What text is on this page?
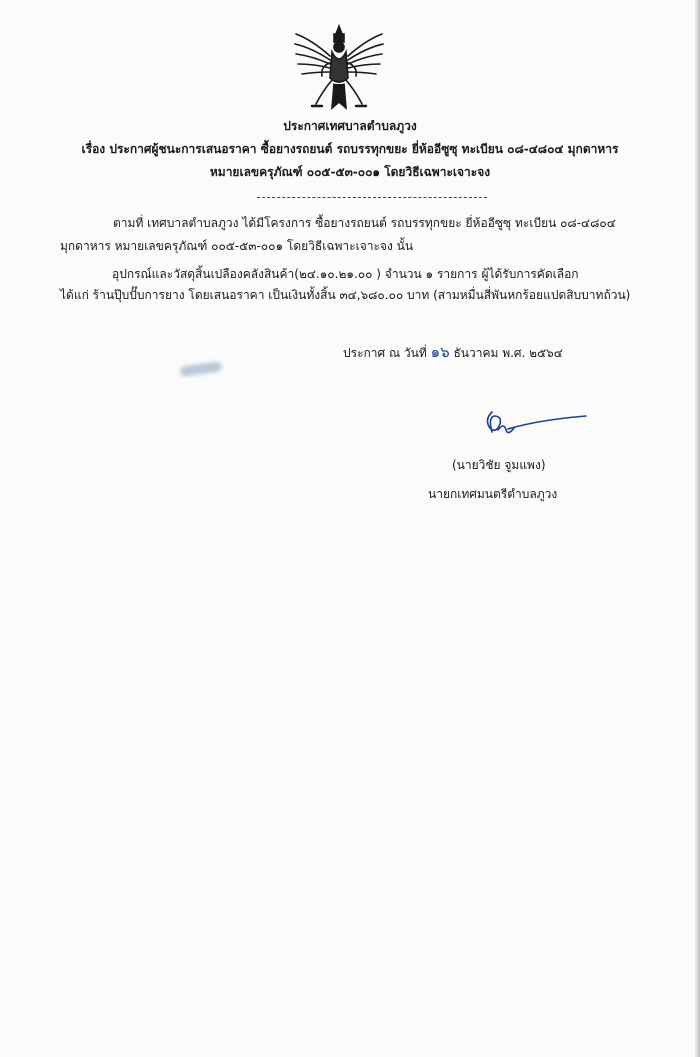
ประกาศเทศบาลตำบลภูวง
เรื่อง ประกาศผู้ชนะการเสนอราคา ซื้อยางรถยนต์ รถบรรทุกขยะ ยี่ห้ออีซูซุ ทะเบียน ๐๘-๔๘๐๔ มุกดาหาร
หมายเลขครุภัณฑ์ ๐๐๕-๕๓-๐๐๑ โดยวิธีเฉพาะเจาะจง
ตามที่ เทศบาลตำบลภูวง ได้มีโครงการ ซื้อยางรถยนต์ รถบรรทุกขยะ ยี่ห้ออีซูซุ ทะเบียน ๐๘-๔๘๐๔
มุกดาหาร หมายเลขครุภัณฑ์ ๐๐๕-๕๓-๐๐๑ โดยวิธีเฉพาะเจาะจง นั้น
อุปกรณ์และวัสดุสิ้นเปลืองคลังสินค้า(๒๔.๑๐.๒๑.๐๐ ) จำนวน ๑ รายการ ผู้ได้รับการคัดเลือก
ได้แก่ ร้านปุ๊บปั๊บการยาง โดยเสนอราคา เป็นเงินทั้งสิ้น ๓๔,๖๘๐.๐๐ บาท (สามหมื่นสี่พันหกร้อยแปดสิบบาทถ้วน)
ประกาศ ณ วันที่ ๑๖ ธันวาคม พ.ศ. ๒๕๖๔
(นายวิชัย จูมแพง)
นายกเทศมนตรีตำบลภูวง
